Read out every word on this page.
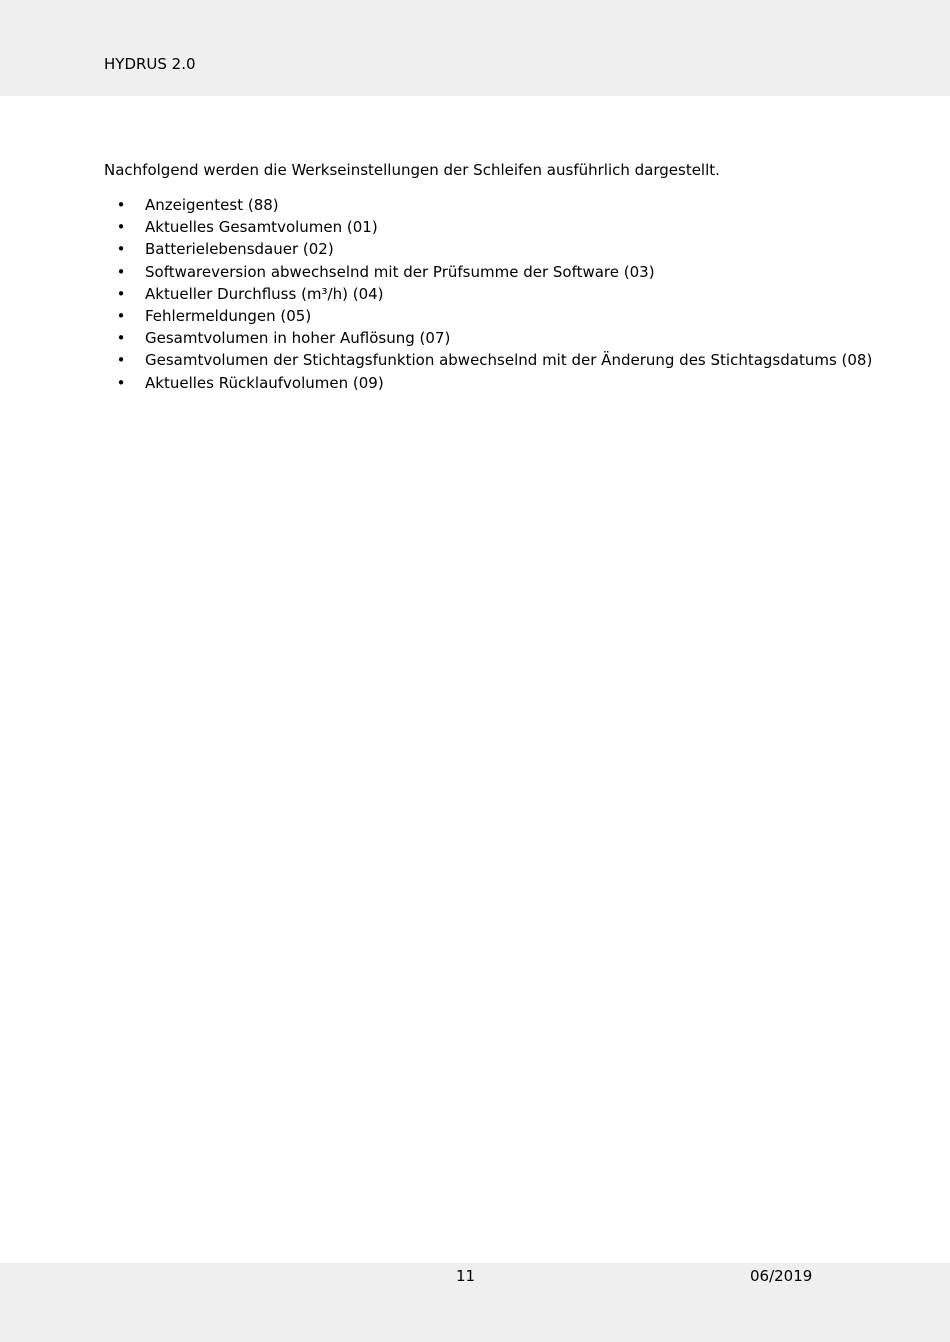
HYDRUS 2.0

Nachfolgend werden die Werkseinstellungen der Schleifen ausführlich dargestellt.

• Anzeigentest (88)
• Aktuelles Gesamtvolumen (01)
• Batterielebensdauer (02)
• Softwareversion abwechselnd mit der Prüfsumme der Software (03)
• Aktueller Durchfluss (m³/h) (04)
• Fehlermeldungen (05)
• Gesamtvolumen in hoher Auflösung (07)
• Gesamtvolumen der Stichtagsfunktion abwechselnd mit der Änderung des Stichtagsdatums (08)
• Aktuelles Rücklaufvolumen (09)
11	06/2019
